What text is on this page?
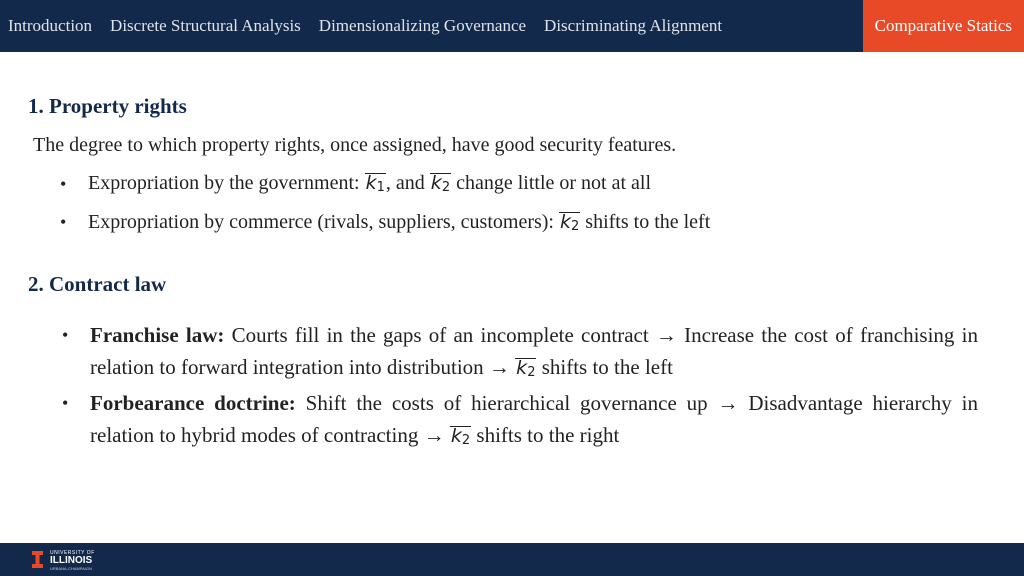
Introduction	Discrete Structural Analysis	Dimensionalizing Governance	Discriminating Alignment	Comparative Statics
1. Property rights
The degree to which property rights, once assigned, have good security features.
• Expropriation by the government: $k_1$, and $k_2$ change little or not at all
• Expropriation by commerce (rivals, suppliers, customers): $k_2$ shifts to the left
2. Contract law
• Franchise law: Courts fill in the gaps of an incomplete contract → Increase the cost of franchising in relation to forward integration into distribution → $k_2$ shifts to the left
• Forbearance doctrine: Shift the costs of hierarchical governance up → Disadvantage hierarchy in relation to hybrid modes of contracting → $k_2$ shifts to the right
UNIVERSITY OF
ILLINOIS
URBANA-CHAMPAIGN
